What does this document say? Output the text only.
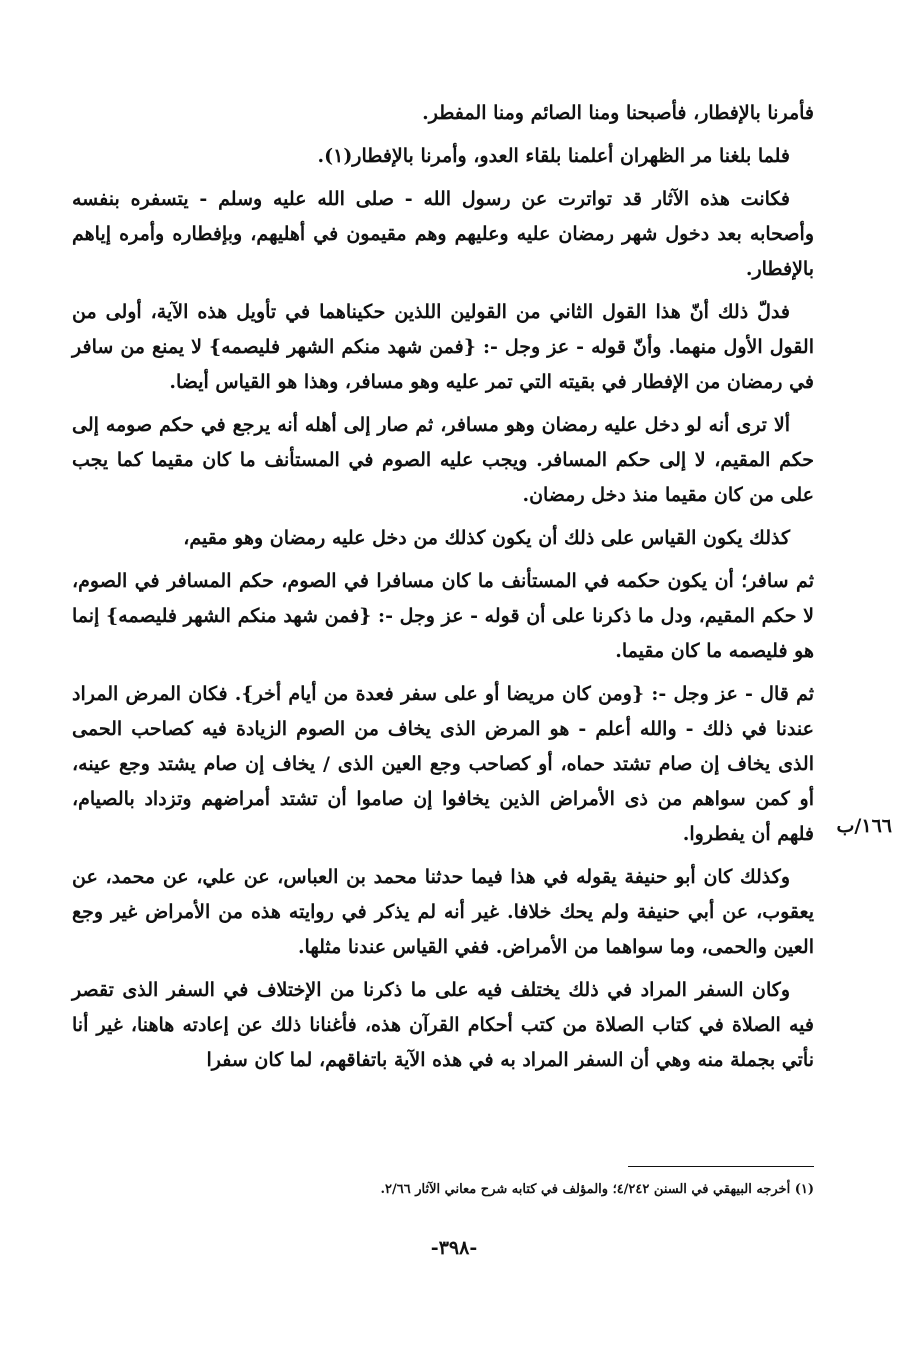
فأمرنا بالإفطار، فأصبحنا ومنا الصائم ومنا المفطر.

فلما بلغنا مر الظهران أعلمنا بلقاء العدو، وأمرنا بالإفطار(١).

فكانت هذه الآثار قد تواترت عن رسول الله - صلى الله عليه وسلم - يتسفره بنفسه وأصحابه بعد دخول شهر رمضان عليه وعليهم وهم مقيمون في أهليهم، وبإفطاره وأمره إياهم بالإفطار.

فدلّ ذلك أنّ هذا القول الثاني من القولين اللذين حكيناهما في تأويل هذه الآية، أولى من القول الأول منهما. وأنّ قوله - عز وجل -: {فمن شهد منكم الشهر فليصمه} لا يمنع من سافر في رمضان من الإفطار في بقيته التي تمر عليه وهو مسافر، وهذا هو القياس أيضا.

ألا ترى أنه لو دخل عليه رمضان وهو مسافر، ثم صار إلى أهله أنه يرجع في حكم صومه إلى حكم المقيم، لا إلى حكم المسافر. ويجب عليه الصوم في المستأنف ما كان مقيما كما يجب على من كان مقيما منذ دخل رمضان.

كذلك يكون القياس على ذلك أن يكون كذلك من دخل عليه رمضان وهو مقيم،

ثم سافر؛ أن يكون حكمه في المستأنف ما كان مسافرا في الصوم، حكم المسافر في الصوم، لا حكم المقيم، ودل ما ذكرنا على أن قوله - عز وجل -: {فمن شهد منكم الشهر فليصمه} إنما هو فليصمه ما كان مقيما.

ثم قال - عز وجل -: {ومن كان مريضا أو على سفر فعدة من أيام أخر}. فكان المرض المراد عندنا في ذلك - والله أعلم - هو المرض الذى يخاف من الصوم الزيادة فيه كصاحب الحمى الذى يخاف إن صام تشتد حماه، أو كصاحب وجع العين الذى / يخاف إن صام يشتد وجع عينه، أو كمن سواهم من ذى الأمراض الذين يخافوا إن صاموا أن تشتد أمراضهم وتزداد بالصيام، فلهم أن يفطروا.

وكذلك كان أبو حنيفة يقوله في هذا فيما حدثنا محمد بن العباس، عن علي، عن محمد، عن يعقوب، عن أبي حنيفة ولم يحك خلافا. غير أنه لم يذكر في روايته هذه من الأمراض غير وجع العين والحمى، وما سواهما من الأمراض. ففي القياس عندنا مثلها.

وكان السفر المراد في ذلك يختلف فيه على ما ذكرنا من الإختلاف في السفر الذى تقصر فيه الصلاة في كتاب الصلاة من كتب أحكام القرآن هذه، فأغنانا ذلك عن إعادته هاهنا، غير أنا نأتي بجملة منه وهي أن السفر المراد به في هذه الآية باتفاقهم، لما كان سفرا

١٦٦/ب
(١) أخرجه البيهقي في السنن ٤/٢٤٢؛ والمؤلف في كتابه شرح معاني الآثار ٢/٦٦.
-٣٩٨-
